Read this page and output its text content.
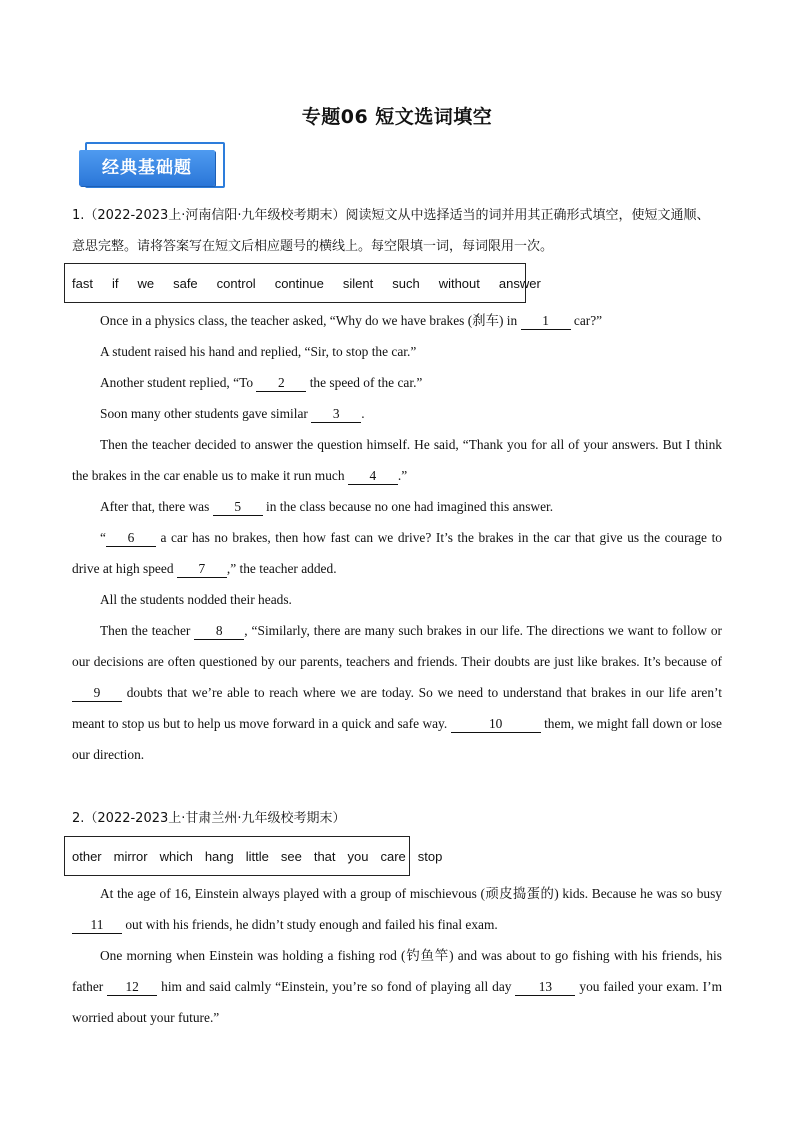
专题06 短文选词填空
经典基础题
1.（2022-2023上·河南信阳·九年级校考期末）阅读短文从中选择适当的词并用其正确形式填空，使短文通顺、意思完整。请将答案写在短文后相应题号的横线上。每空限填一词，每词限用一次。
fast if we safe control continue silent such without answer

Once in a physics class, the teacher asked, “Why do we have brakes (刹车) in 1 car?”

A student raised his hand and replied, “Sir, to stop the car.”

Another student replied, “To 2 the speed of the car.”

Soon many other students gave similar 3 .

Then the teacher decided to answer the question himself. He said, “Thank you for all of your answers. But I think the brakes in the car enable us to make it run much 4 .”

After that, there was 5 in the class because no one had imagined this answer.

“ 6 a car has no brakes, then how fast can we drive? It’s the brakes in the car that give us the courage to drive at high speed 7 ,” the teacher added.

All the students nodded their heads.

Then the teacher 8 , “Similarly, there are many such brakes in our life. The directions we want to follow or our decisions are often questioned by our parents, teachers and friends. Their doubts are just like brakes. It’s because of 9 doubts that we’re able to reach where we are today. So we need to understand that brakes in our life aren’t meant to stop us but to help us move forward in a quick and safe way.	10	them, we might fall down or lose our direction.

2.（2022-2023上·甘肃兰州·九年级校考期末）
other mirror which hang little see that you care stop

At the age of 16, Einstein always played with a group of mischievous (顽皮捣蛋的) kids. Because he was so busy 11 out with his friends, he didn’t study enough and failed his final exam.

One morning when Einstein was holding a fishing rod (钓鱼竿) and was about to go fishing with his friends, his father 12 him and said calmly “Einstein, you’re so fond of playing all day 13 you failed your exam. I’m worried about your future.”
